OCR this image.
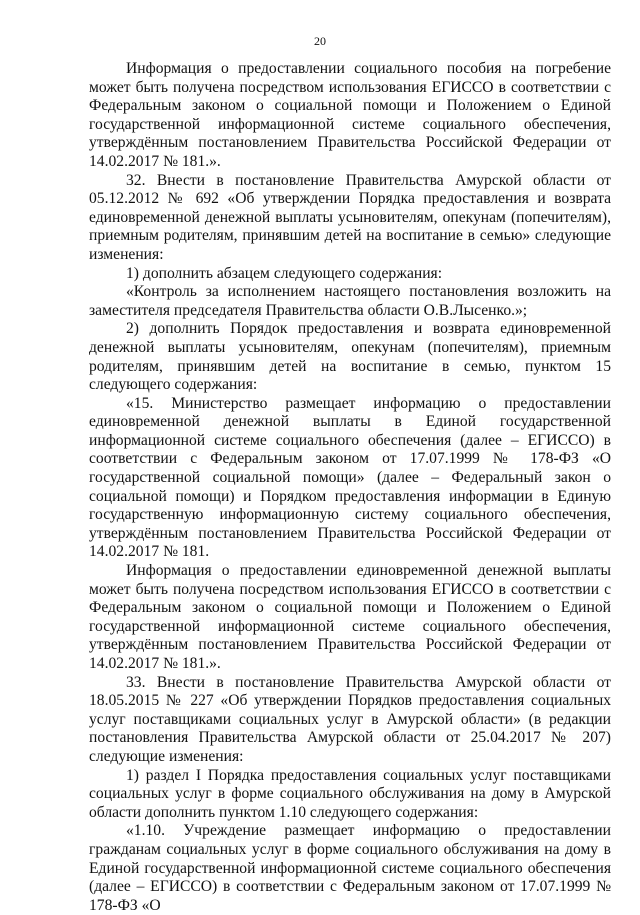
20

Информация о предоставлении социального пособия на погребение может быть получена посредством использования ЕГИССО в соответствии с Федеральным законом о социальной помощи и Положением о Единой государственной информационной системе социального обеспечения, утверждённым постановлением Правительства Российской Федерации от 14.02.2017 № 181.».

32. Внести в постановление Правительства Амурской области от 05.12.2012 № 692 «Об утверждении Порядка предоставления и возврата единовременной денежной выплаты усыновителям, опекунам (попечителям), приемным родителям, принявшим детей на воспитание в семью» следующие изменения:

1) дополнить абзацем следующего содержания:

«Контроль за исполнением настоящего постановления возложить на заместителя председателя Правительства области О.В.Лысенко.»;

2) дополнить Порядок предоставления и возврата единовременной денежной выплаты усыновителям, опекунам (попечителям), приемным родителям, принявшим детей на воспитание в семью, пунктом 15 следующего содержания:

«15. Министерство размещает информацию о предоставлении единовременной денежной выплаты в Единой государственной информационной системе социального обеспечения (далее – ЕГИССО) в соответствии с Федеральным законом от 17.07.1999 № 178-ФЗ «О государственной социальной помощи» (далее – Федеральный закон о социальной помощи) и Порядком предоставления информации в Единую государственную информационную систему социального обеспечения, утверждённым постановлением Правительства Российской Федерации от 14.02.2017 № 181.

Информация о предоставлении единовременной денежной выплаты может быть получена посредством использования ЕГИССО в соответствии с Федеральным законом о социальной помощи и Положением о Единой государственной информационной системе социального обеспечения, утверждённым постановлением Правительства Российской Федерации от 14.02.2017 № 181.».

33. Внести в постановление Правительства Амурской области от 18.05.2015 № 227 «Об утверждении Порядков предоставления социальных услуг поставщиками социальных услуг в Амурской области» (в редакции постановления Правительства Амурской области от 25.04.2017 № 207) следующие изменения:

1) раздел I Порядка предоставления социальных услуг поставщиками социальных услуг в форме социального обслуживания на дому в Амурской области дополнить пунктом 1.10 следующего содержания:

«1.10. Учреждение размещает информацию о предоставлении гражданам социальных услуг в форме социального обслуживания на дому в Единой государственной информационной системе социального обеспечения (далее – ЕГИССО) в соответствии с Федеральным законом от 17.07.1999 № 178-ФЗ «О
